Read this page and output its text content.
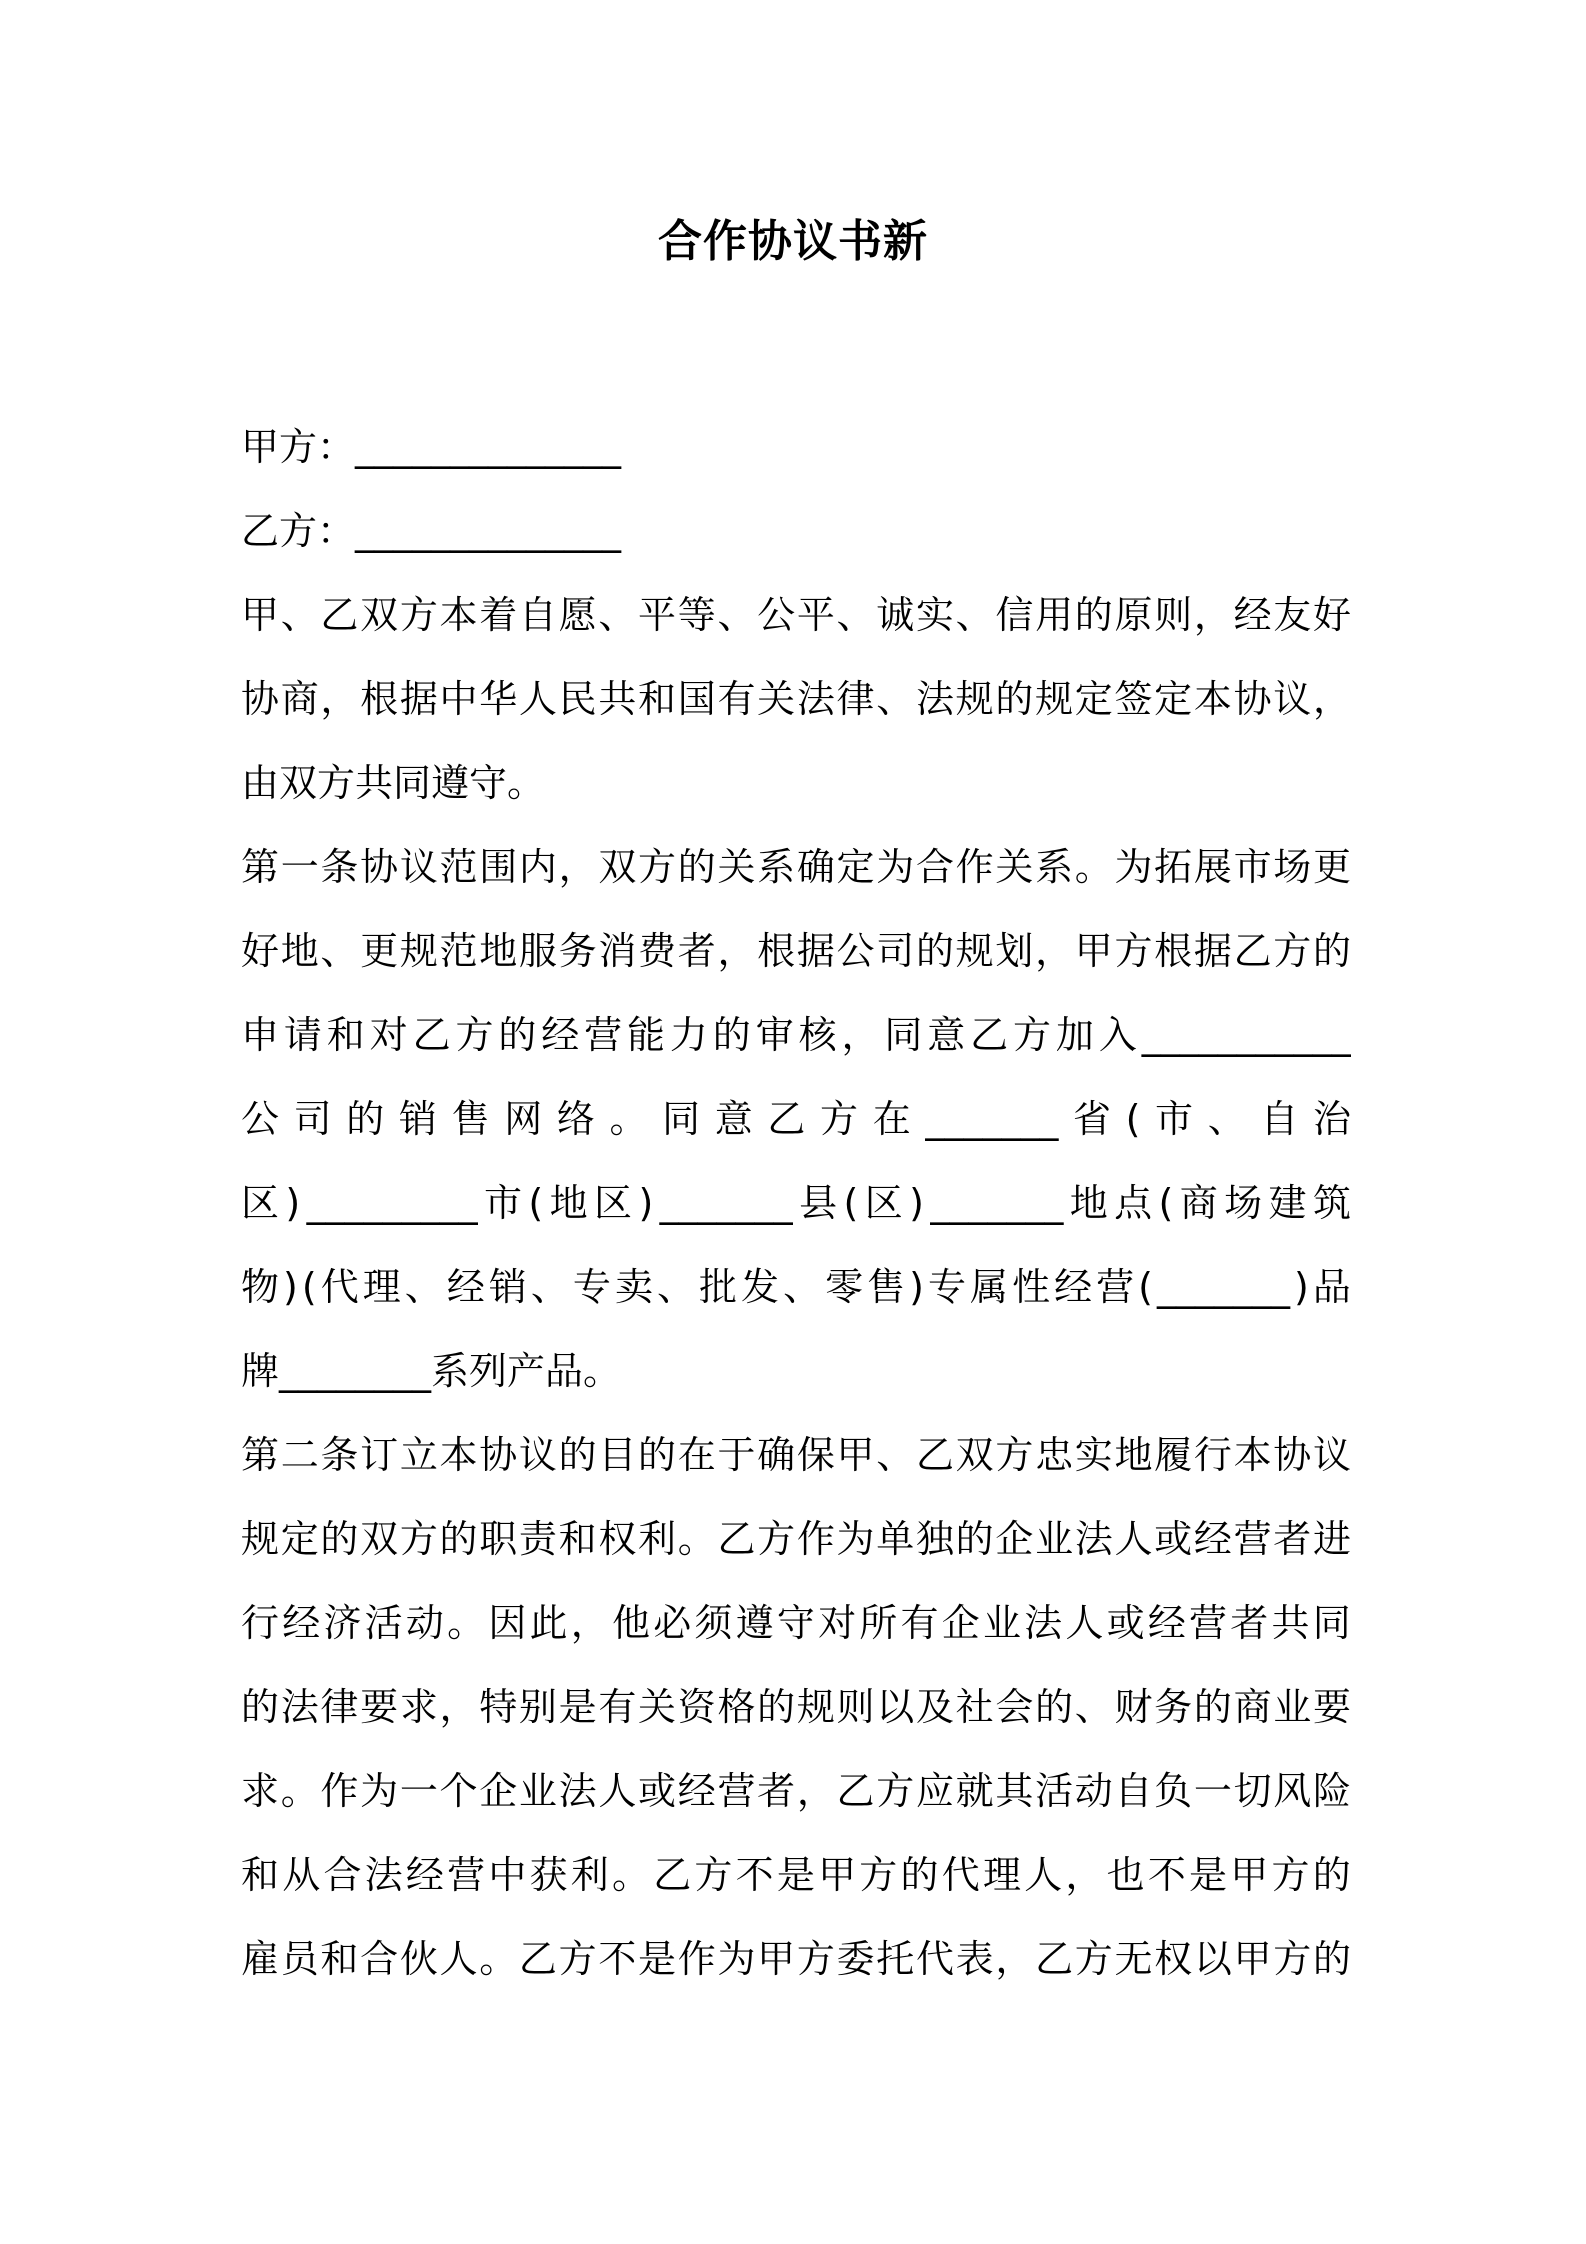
合作协议书新
甲方：______________
乙方：______________
甲 、 乙 双 方 本 着 自 愿 、 平 等 、 公 平 、 诚 实 、 信 用 的 原 则 ， 经 友 好
协 商 ， 根 据 中 华 人 民 共 和 国 有 关 法 律 、 法 规 的 规 定 签 定 本 协 议 ，
由双方共同遵守。
第 一 条 协 议 范 围 内 ， 双 方 的 关 系 确 定 为 合 作 关 系 。 为 拓 展 市 场 更
好 地 、 更 规 范 地 服 务 消 费 者 ， 根 据 公 司 的 规 划 ， 甲 方 根 据 乙 方 的
申 请 和 对 乙 方 的 经 营 能 力 的 审 核 ， 同 意 乙 方 加 入 ___________
公 司 的 销 售 网 络 。 同 意 乙 方 在 _______ 省 ( 市 、 自 治
区 ) _________ 市 ( 地 区 ) _______ 县 ( 区 ) _______ 地 点 ( 商 场 建 筑
物 ) ( 代 理 、 经 销 、 专 卖 、 批 发 、 零 售 ) 专 属 性 经 营 ( _______ ) 品
牌________系列产品。
第 二 条 订 立 本 协 议 的 目 的 在 于 确 保 甲 、 乙 双 方 忠 实 地 履 行 本 协 议
规 定 的 双 方 的 职 责 和 权 利 。 乙 方 作 为 单 独 的 企 业 法 人 或 经 营 者 进
行 经 济 活 动 。 因 此 ， 他 必 须 遵 守 对 所 有 企 业 法 人 或 经 营 者 共 同
的 法 律 要 求 ， 特 别 是 有 关 资 格 的 规 则 以 及 社 会 的 、 财 务 的 商 业 要
求 。 作 为 一 个 企 业 法 人 或 经 营 者 ， 乙 方 应 就 其 活 动 自 负 一 切 风 险
和 从 合 法 经 营 中 获 利 。 乙 方 不 是 甲 方 的 代 理 人 ， 也 不 是 甲 方 的
雇 员 和 合 伙 人 。 乙 方 不 是 作 为 甲 方 委 托 代 表 ， 乙 方 无 权 以 甲 方 的
